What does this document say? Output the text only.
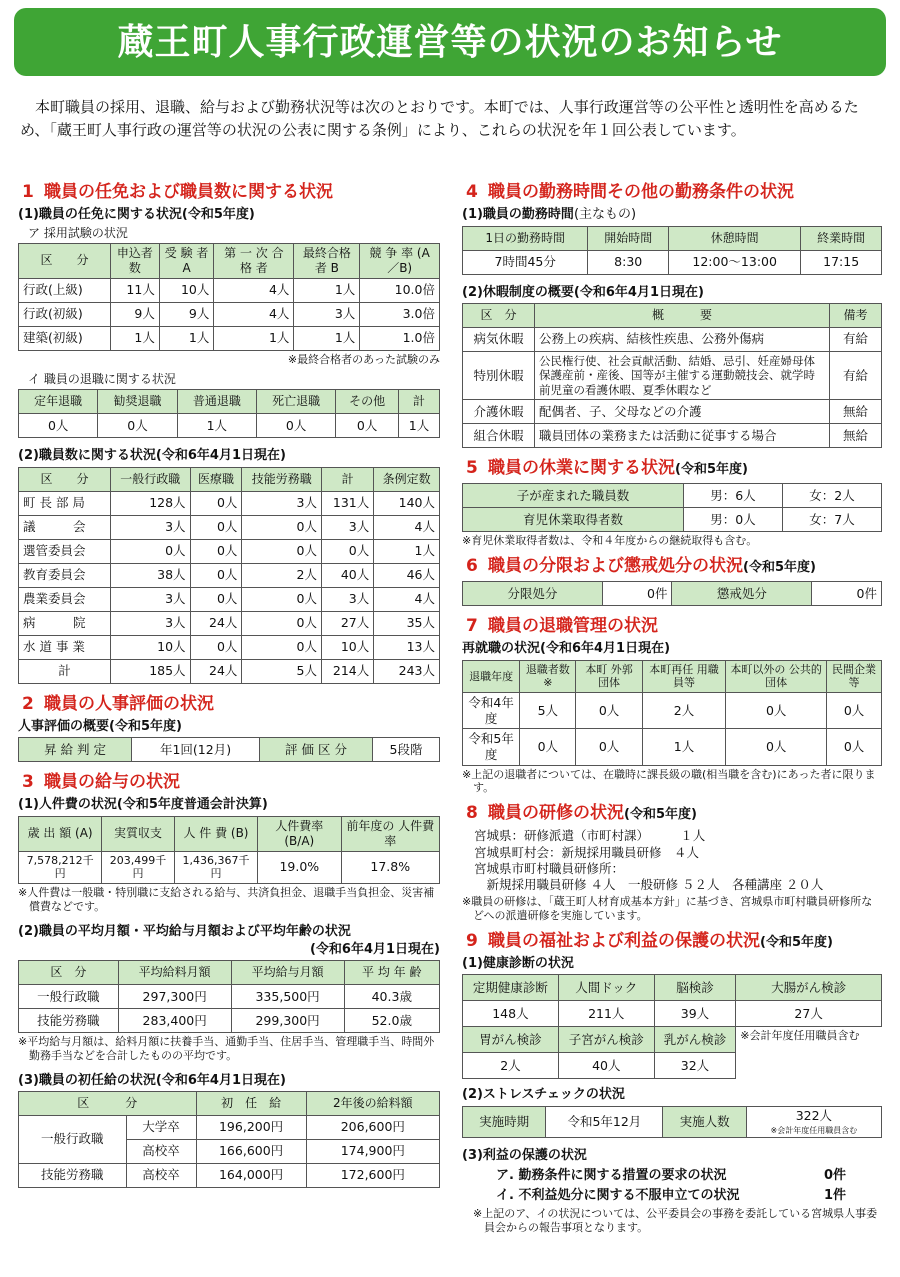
蔵王町人事行政運営等の状況のお知らせ

本町職員の採用、退職、給与および勤務状況等は次のとおりです。本町では、人事行政運営等の公平性と透明性を高めるため、「蔵王町人事行政の運営等の状況の公表に関する条例」により、これらの状況を年１回公表しています。

1 職員の任免および職員数に関する状況
(1)職員の任免に関する状況(令和5年度)
ア 採用試験の状況
区　　分	申込者数	受 験 者 A	第 一 次 合 格 者	最終合格者 B	競 争 率 (A／B)
行政(上級)	11人	10人	4人	1人	10.0倍
行政(初級)	9人	9人	4人	3人	3.0倍
建築(初級)	1人	1人	1人	1人	1.0倍
※最終合格者のあった試験のみ
イ 職員の退職に関する状況
定年退職	勧奨退職	普通退職	死亡退職	その他	計
0人	0人	1人	0人	0人	1人
(2)職員数に関する状況(令和6年4月1日現在)
区　　分	一般行政職	医療職	技能労務職	計	条例定数
町 長 部 局	128人	0人	3人	131人	140人
議　　　会	3人	0人	0人	3人	4人
選管委員会	0人	0人	0人	0人	1人
教育委員会	38人	0人	2人	40人	46人
農業委員会	3人	0人	0人	3人	4人
病　　　院	3人	24人	0人	27人	35人
水 道 事 業	10人	0人	0人	10人	13人
計	185人	24人	5人	214人	243人
2 職員の人事評価の状況
人事評価の概要(令和5年度)
昇 給 判 定	年1回(12月)	評 価 区 分	5段階
3 職員の給与の状況
(1)人件費の状況(令和5年度普通会計決算)
歳 出 額 (A)	実質収支	人 件 費 (B)	人件費率 (B/A)	前年度の 人件費率
7,578,212千円	203,499千円	1,436,367千円	19.0%	17.8%
※人件費は一般職・特別職に支給される給与、共済負担金、退職手当負担金、災害補償費などです。
(2)職員の平均月額・平均給与月額および平均年齢の状況
(令和6年4月1日現在)
区　分	平均給料月額	平均給与月額	平 均 年 齢
一般行政職	297,300円	335,500円	40.3歳
技能労務職	283,400円	299,300円	52.0歳
※平均給与月額は、給料月額に扶養手当、通勤手当、住居手当、管理職手当、時間外勤務手当などを合計したものの平均です。
(3)職員の初任給の状況(令和6年4月1日現在)
区　　　分		初　任　給	2年後の給料額
一般行政職	大学卒	196,200円	206,600円
	高校卒	166,600円	174,900円
技能労務職	高校卒	164,000円	172,600円
4 職員の勤務時間その他の勤務条件の状況
(1)職員の勤務時間(主なもの)
1日の勤務時間	開始時間	休憩時間	終業時間
7時間45分	8:30	12:00〜13:00	17:15
(2)休暇制度の概要(令和6年4月1日現在)
区　分	概　　　要	備考
病気休暇	公務上の疾病、結核性疾患、公務外傷病	有給
特別休暇	公民権行使、社会貢献活動、結婚、忌引、妊産婦母体保護産前・産後、国等が主催する運動競技会、就学時前児童の看護休暇、夏季休暇など	有給
介護休暇	配偶者、子、父母などの介護	無給
組合休暇	職員団体の業務または活動に従事する場合	無給
5 職員の休業に関する状況(令和5年度)
子が産まれた職員数	男：6人	女：2人
育児休業取得者数	男：0人	女：7人
※育児休業取得者数は、令和４年度からの継続取得も含む。
6 職員の分限および懲戒処分の状況(令和5年度)
分限処分	0件	懲戒処分	0件
7 職員の退職管理の状況
再就職の状況(令和6年4月1日現在)
退職年度	退職者数 ※	本町 外郭団体	本町再任 用職員等	本町以外の 公共的団体	民間企業等
令和4年度	5人	0人	2人	0人	0人
令和5年度	0人	0人	1人	0人	0人
※上記の退職者については、在職時に課長級の職(相当職を含む)にあった者に限ります。
8 職員の研修の状況(令和5年度)
宮城県：研修派遣（市町村課）　　　１人
宮城県町村会：新規採用職員研修　４人
宮城県市町村職員研修所：
　新規採用職員研修 ４人　一般研修 ５２人　各種講座 ２０人
※職員の研修は、「蔵王町人材育成基本方針」に基づき、宮城県市町村職員研修所などへの派遣研修を実施しています。
9 職員の福祉および利益の保護の状況(令和5年度)
(1)健康診断の状況
定期健康診断	人間ドック	脳検診	大腸がん検診
148人	211人	39人	27人
胃がん検診	子宮がん検診	乳がん検診	※会計年度任用職員含む
2人	40人	32人	
(2)ストレスチェックの状況
実施時期	令和5年12月	実施人数	322人
※会計年度任用職員含む
(3)利益の保護の状況
ア. 勤務条件に関する措置の要求の状況	0件
イ. 不利益処分に関する不服申立ての状況	1件
※上記のア、イの状況については、公平委員会の事務を委託している宮城県人事委員会からの報告事項となります。
